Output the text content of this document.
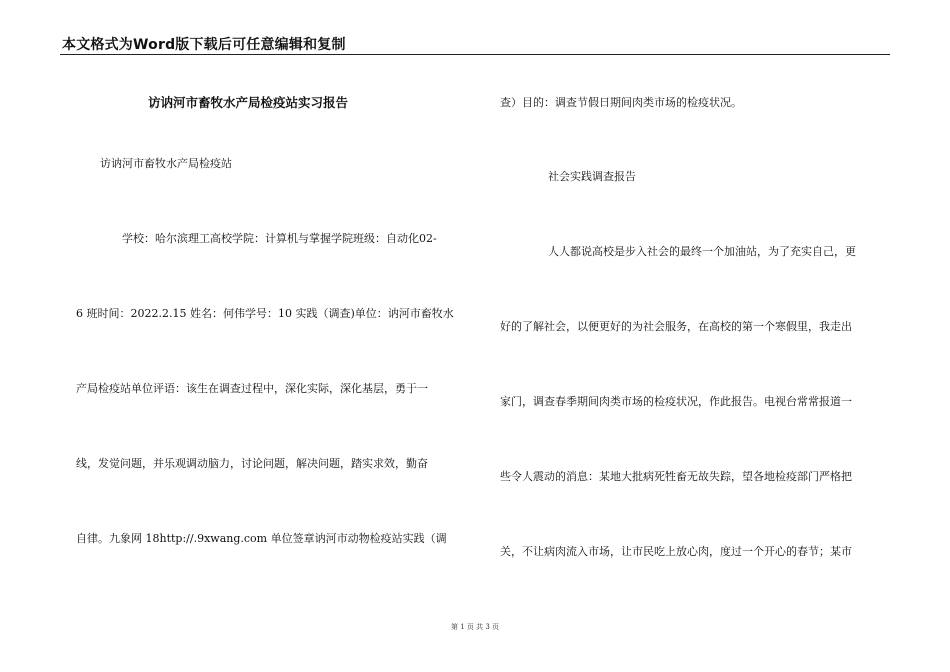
本文格式为Word版下载后可任意编辑和复制
访讷河市畜牧水产局检疫站实习报告
访讷河市畜牧水产局检疫站
学校：哈尔滨理工高校学院：计算机与掌握学院班级：自动化02-
6 班时间：2022.2.15 姓名：何伟学号：10 实践（调查)单位：讷河市畜牧水
产局检疫站单位评语：该生在调查过程中，深化实际，深化基层，勇于一
线，发觉问题，并乐观调动脑力，讨论问题，解决问题，踏实求效，勤奋
自律。九象网 18http://.9xwang.com 单位签章讷河市动物检疫站实践（调
查）目的：调查节假日期间肉类市场的检疫状况。
社会实践调查报告
人人都说高校是步入社会的最终一个加油站，为了充实自己，更
好的了解社会，以便更好的为社会服务，在高校的第一个寒假里，我走出
家门，调查春季期间肉类市场的检疫状况，作此报告。电视台常常报道一
些令人震动的消息：某地大批病死牲畜无故失踪，望各地检疫部门严格把
关，不让病肉流入市场，让市民吃上放心肉，度过一个开心的春节；某市
第 1 页 共 3 页
